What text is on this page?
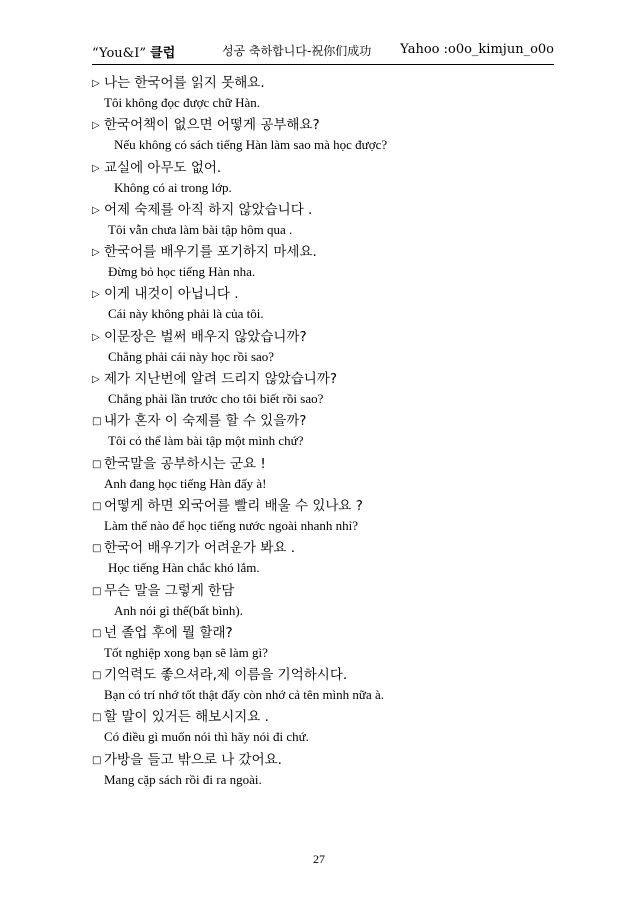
“You&I” 클럽	성공 축하합니다-祝你们成功 Yahoo :o0o_kimjun_o0o
▷ 나는 한국어를 읽지 못해요.
Tôi không đọc được chữ Hàn.
▷ 한국어책이 없으면 어떻게 공부해요?
Nếu không có sách tiếng Hàn làm sao mà học được?
▷ 교실에 아무도 없어.
Không có ai trong lớp.
▷ 어제 숙제를 아직 하지 않았습니다 .
Tôi vẫn chưa làm bài tập hôm qua .
▷ 한국어를 배우기를 포기하지 마세요.
Đừng bỏ học tiếng Hàn nha.
▷ 이게 내것이 아닙니다 .
Cái này không phải là của tôi.
▷ 이문장은 벌써 배우지 않았습니까?
Chẳng phải cái này học rồi sao?
▷ 제가 지난번에 알려 드리지 않았습니까?
Chẳng phải lần trước cho tôi biết rồi sao?
□ 내가 혼자 이 숙제를 할 수 있을까?
Tôi có thể làm bài tập một mình chứ?
□ 한국말을 공부하시는 군요 !
Anh đang học tiếng Hàn đấy à!
□ 어떻게 하면 외국어를 빨리 배울 수 있나요 ?
Làm thế nào để học tiếng nước ngoài nhanh nhỉ?
□ 한국어 배우기가 어려운가 봐요 .
Học tiếng Hàn chắc khó lắm.
□ 무슨 말을 그렇게 한담
Anh nói gì thế(bất bình).
□ 넌 졸업 후에 뭘 할래?
Tốt nghiệp xong bạn sẽ làm gì?
□ 기억력도 좋으셔라,제 이름을 기억하시다.
Bạn có trí nhớ tốt thật đấy còn nhớ cả tên mình nữa à.
□ 할 말이 있거든 해보시지요 .
Có điều gì muốn nói thì hãy nói đi chứ.
□ 가방을 들고 밖으로 나 갔어요.
Mang cặp sách rồi đi ra ngoài.
27
